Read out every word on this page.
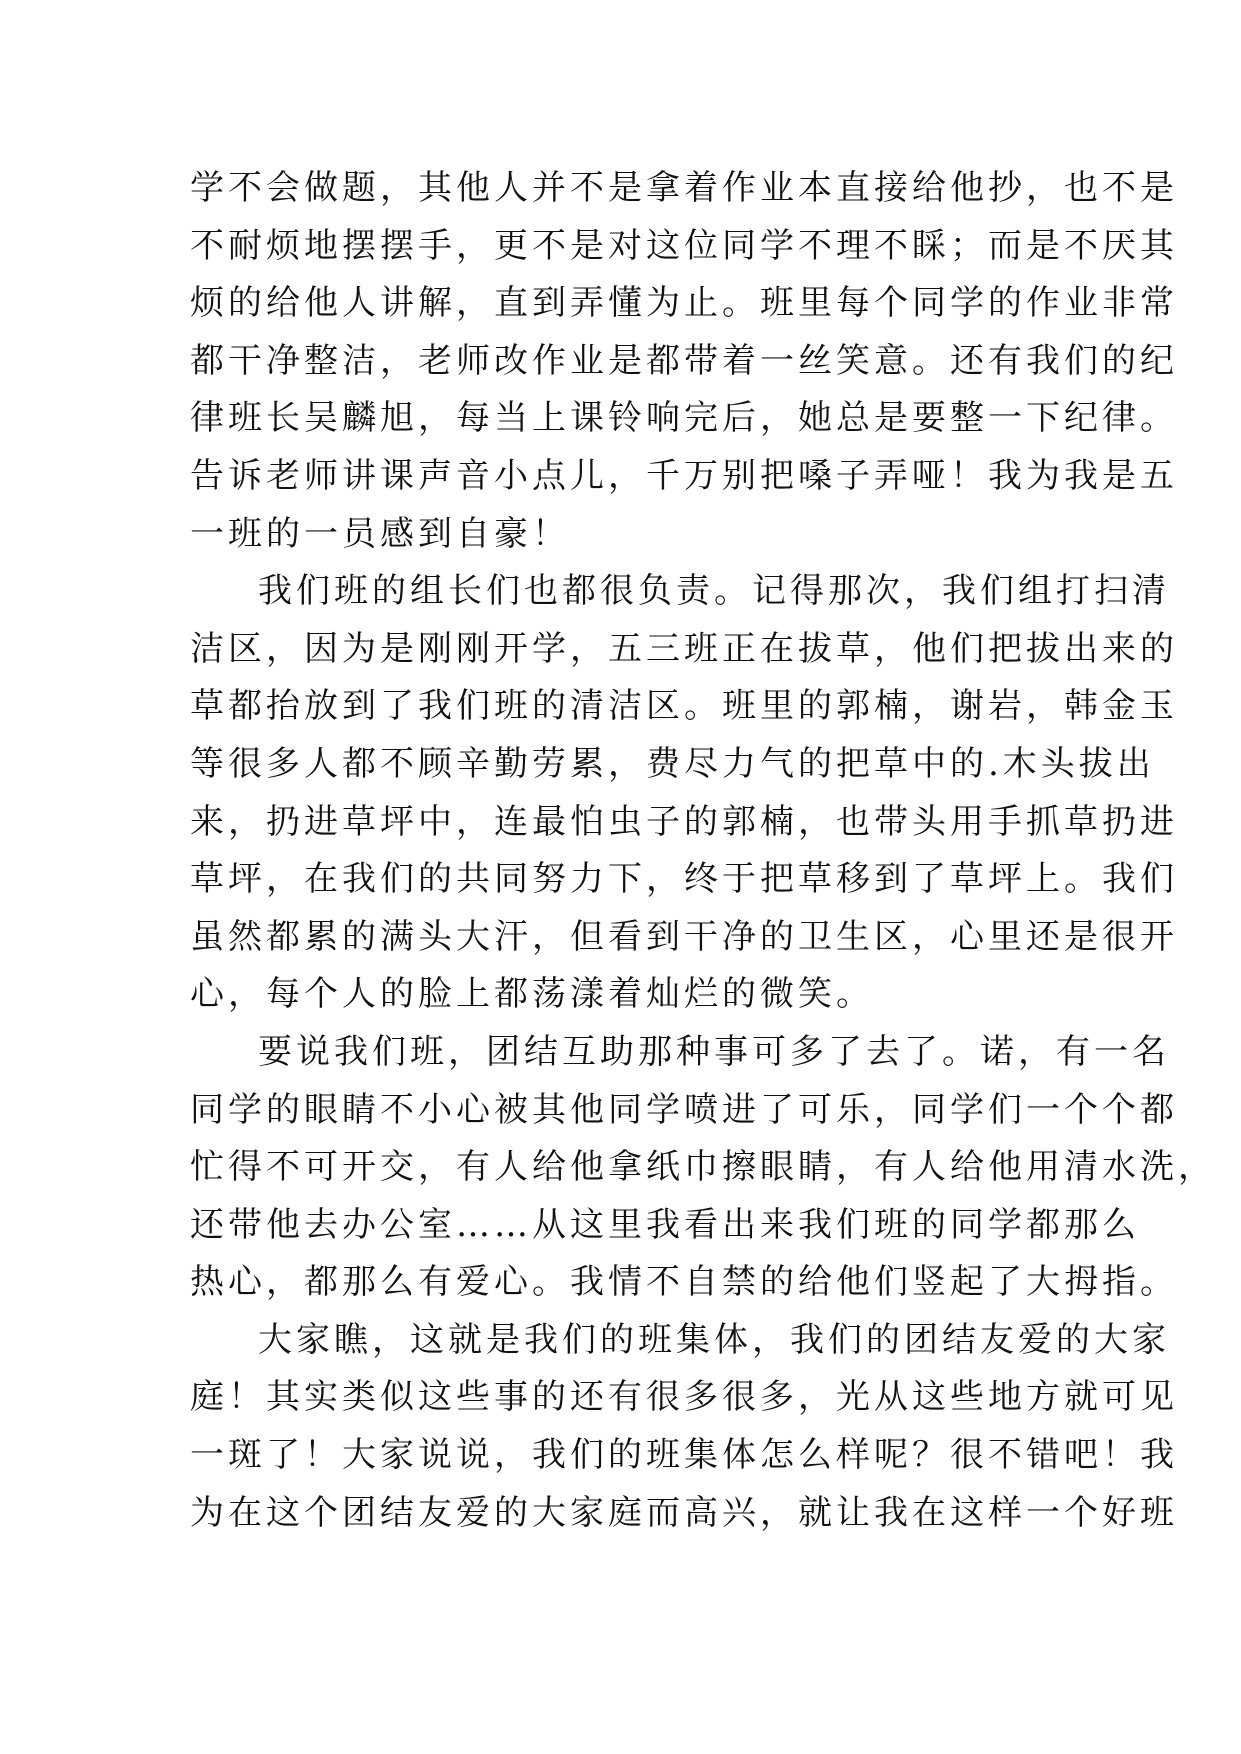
学不会做题，其他人并不是拿着作业本直接给他抄，也不是
不耐烦地摆摆手，更不是对这位同学不理不睬；而是不厌其
烦的给他人讲解，直到弄懂为止。班里每个同学的作业非常
都干净整洁，老师改作业是都带着一丝笑意。还有我们的纪
律班长吴麟旭，每当上课铃响完后，她总是要整一下纪律。
告诉老师讲课声音小点儿，千万别把嗓子弄哑！我为我是五
一班的一员感到自豪！
我们班的组长们也都很负责。记得那次，我们组打扫清
洁区，因为是刚刚开学，五三班正在拔草，他们把拔出来的
草都抬放到了我们班的清洁区。班里的郭楠，谢岩，韩金玉
等很多人都不顾辛勤劳累，费尽力气的把草中的.木头拔出
来，扔进草坪中，连最怕虫子的郭楠，也带头用手抓草扔进
草坪，在我们的共同努力下，终于把草移到了草坪上。我们
虽然都累的满头大汗，但看到干净的卫生区，心里还是很开
心，每个人的脸上都荡漾着灿烂的微笑。
要说我们班，团结互助那种事可多了去了。诺，有一名
同学的眼睛不小心被其他同学喷进了可乐，同学们一个个都
忙得不可开交，有人给他拿纸巾擦眼睛，有人给他用清水洗，
还带他去办公室……从这里我看出来我们班的同学都那么
热心，都那么有爱心。我情不自禁的给他们竖起了大拇指。
大家瞧，这就是我们的班集体，我们的团结友爱的大家
庭！其实类似这些事的还有很多很多，光从这些地方就可见
一斑了！大家说说，我们的班集体怎么样呢？很不错吧！我
为在这个团结友爱的大家庭而高兴，就让我在这样一个好班
